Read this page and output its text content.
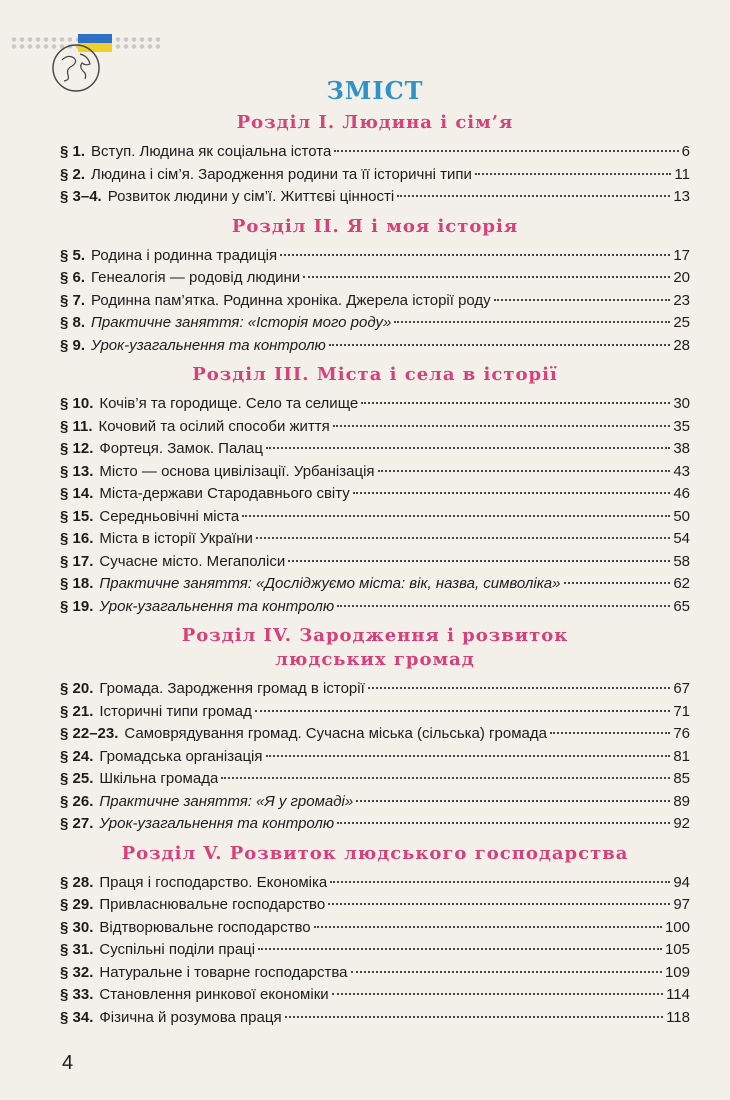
ЗМІСТ
Розділ І. Людина і сім’я
§ 1. Вступ. Людина як соціальна істота	6
§ 2. Людина і сім’я. Зародження родини та її історичні типи	11
§ 3–4. Розвиток людини у сім’ї. Життєві цінності	13
Розділ ІІ. Я і моя історія
§ 5. Родина і родинна традиція	17
§ 6. Генеалогія — родовід людини	20
§ 7. Родинна пам’ятка. Родинна хроніка. Джерела історії роду	23
§ 8. Практичне заняття: «Історія мого роду»	25
§ 9. Урок-узагальнення та контролю	28
Розділ ІІІ. Міста і села в історії
§ 10. Кочів’я та городище. Село та селище	30
§ 11. Кочовий та осілий способи життя	35
§ 12. Фортеця. Замок. Палац	38
§ 13. Місто — основа цивілізації. Урбанізація	43
§ 14. Міста-держави Стародавнього світу	46
§ 15. Середньовічні міста	50
§ 16. Міста в історії України	54
§ 17. Сучасне місто. Мегаполіси	58
§ 18. Практичне заняття: «Досліджуємо міста: вік, назва, символіка»	62
§ 19. Урок-узагальнення та контролю	65
Розділ IV. Зародження і розвиток
людських громад
§ 20. Громада. Зародження громад в історії	67
§ 21. Історичні типи громад	71
§ 22–23. Самоврядування громад. Сучасна міська (сільська) громада	76
§ 24. Громадська організація	81
§ 25. Шкільна громада	85
§ 26. Практичне заняття: «Я у громаді»	89
§ 27. Урок-узагальнення та контролю	92
Розділ V. Розвиток людського господарства
§ 28. Праця і господарство. Економіка	94
§ 29. Привласнювальне господарство	97
§ 30. Відтворювальне господарство	100
§ 31. Суспільні поділи праці	105
§ 32. Натуральне і товарне господарства	109
§ 33. Становлення ринкової економіки	114
§ 34. Фізична й розумова праця	118
4
